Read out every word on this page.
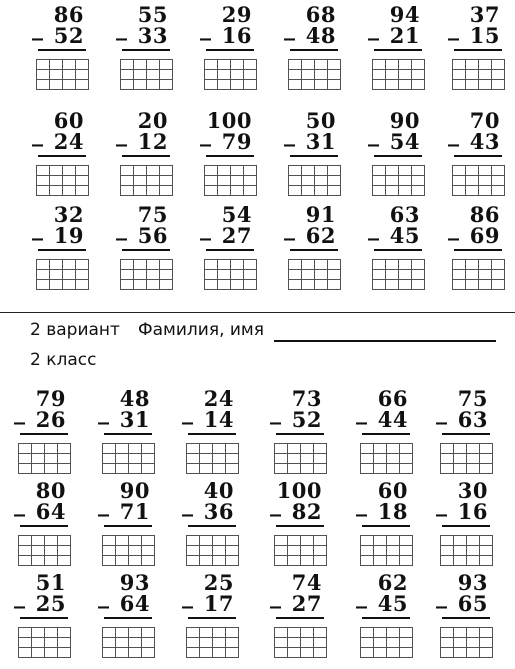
_
86
52 _
55
33 _
29
16 _
68
48 _
94
21 _
37
15
_
60
24 _
20
12 _
100
79 _
50
31 _
90
54 _
70
43
_
32
19 _
75
56 _
54
27 _
91
62 _
63
45 _
86
69
2 вариант Фамилия, имя
2 класс
_
79
26 _
48
31 _
24
14 _
73
52 _
66
44 _
75
63
_
80
64 _
90
71 _
40
36 _
100
82 _
60
18 _
30
16
_
51
25 _
93
64 _
25
17 _
74
27 _
62
45 _
93
65
